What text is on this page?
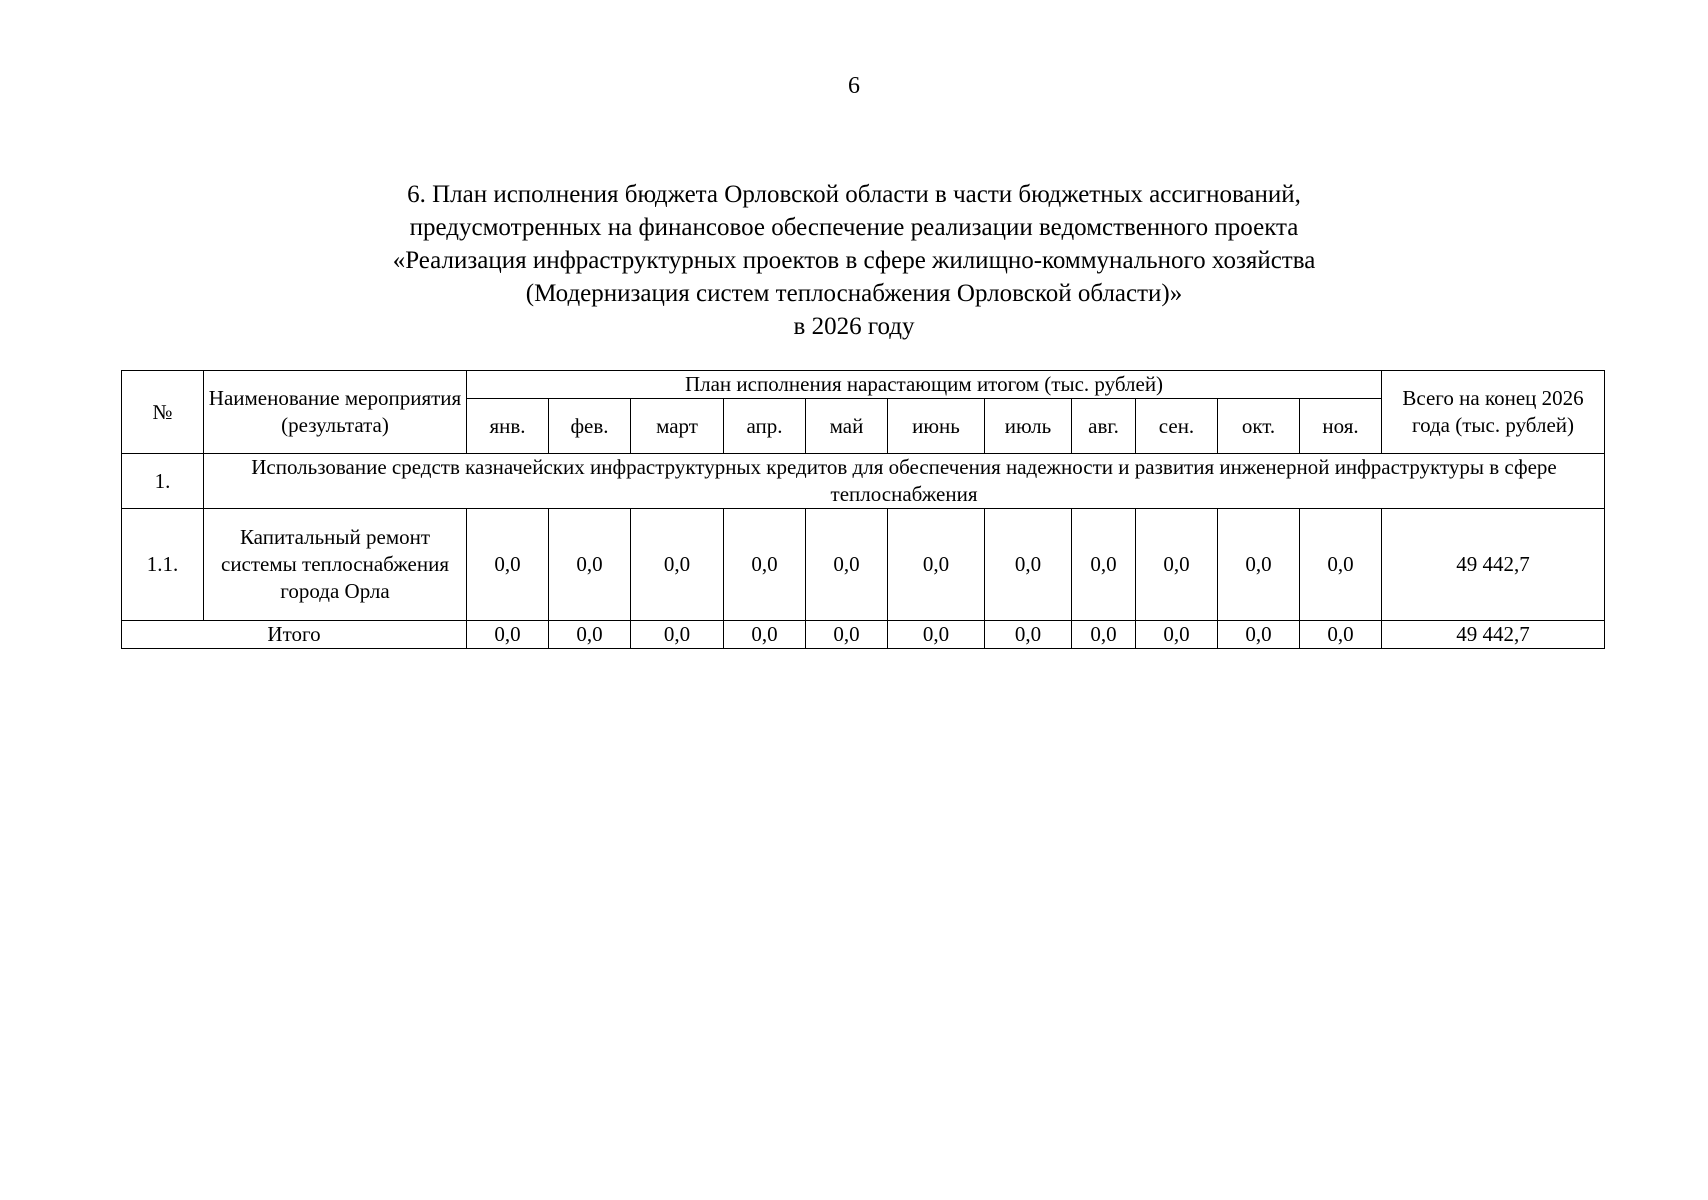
6
6. План исполнения бюджета Орловской области в части бюджетных ассигнований,
предусмотренных на финансовое обеспечение реализации ведомственного проекта
«Реализация инфраструктурных проектов в сфере жилищно-коммунального хозяйства
(Модернизация систем теплоснабжения Орловской области)»
в 2026 году
№	Наименование мероприятия (результата)	План исполнения нарастающим итогом (тыс. рублей)											Всего на конец 2026 года (тыс. рублей)
		янв.	фев.	март	апр.	май	июнь	июль	авг.	сен.	окт.	ноя.	
1.	Использование средств казначейских инфраструктурных кредитов для обеспечения надежности и развития инженерной инфраструктуры в сфере теплоснабжения												
1.1.	Капитальный ремонт системы теплоснабжения города Орла	0,0	0,0	0,0	0,0	0,0	0,0	0,0	0,0	0,0	0,0	0,0	49 442,7
Итого		0,0	0,0	0,0	0,0	0,0	0,0	0,0	0,0	0,0	0,0	0,0	49 442,7
